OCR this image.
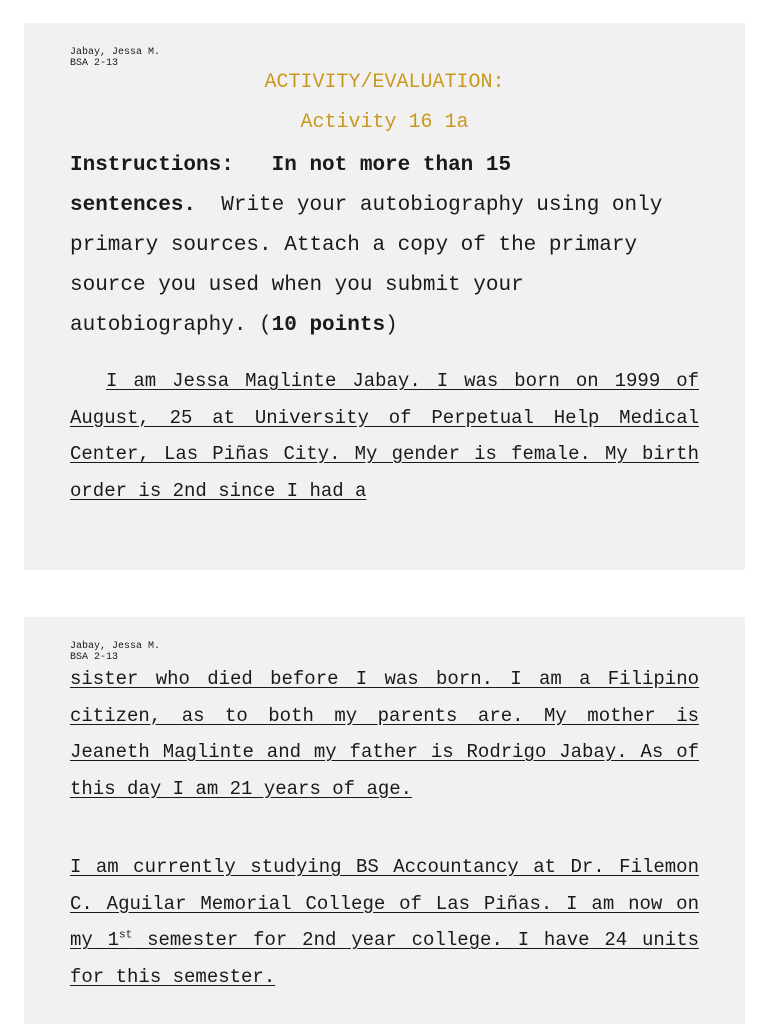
Jabay, Jessa M.
BSA 2-13
ACTIVITY/EVALUATION:
Activity 16 1a
Instructions: In not more than 15 sentences. Write your autobiography using only primary sources. Attach a copy of the primary source you used when you submit your autobiography. (10 points)

I am Jessa Maglinte Jabay. I was born on 1999 of August, 25 at University of Perpetual Help Medical Center, Las Piñas City. My gender is female. My birth order is 2nd since I had a

Jabay, Jessa M.
BSA 2-13

sister who died before I was born. I am a Filipino citizen, as to both my parents are. My mother is Jeaneth Maglinte and my father is Rodrigo Jabay. As of this day I am 21 years of age.

I am currently studying BS Accountancy at Dr. Filemon C. Aguilar Memorial College of Las Piñas. I am now on my 1st semester for 2nd year college. I have 24 units for this semester.
